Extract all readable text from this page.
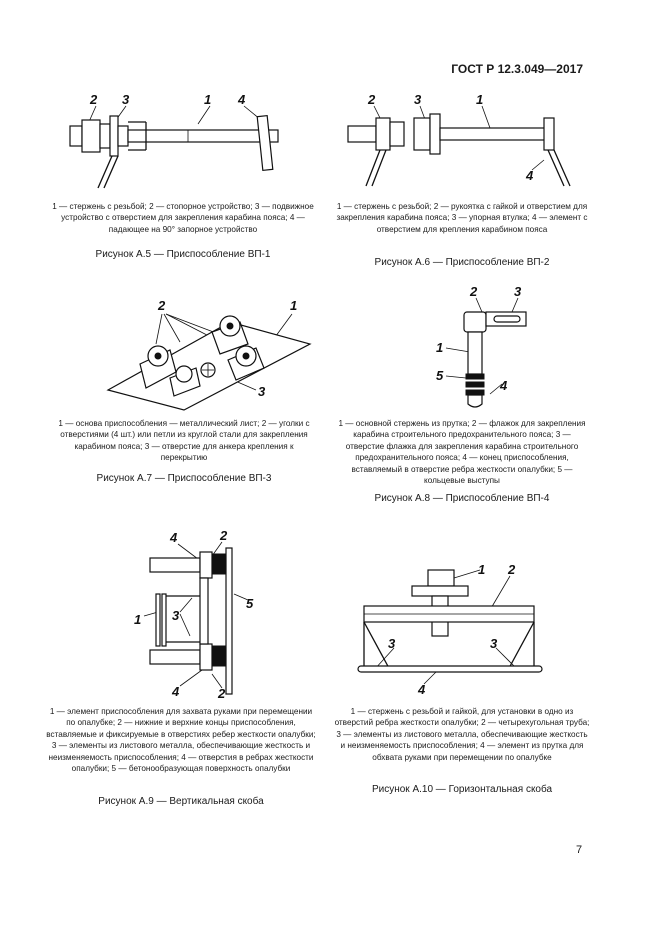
ГОСТ Р 12.3.049—2017
2 3	1 4
1 — стержень с резьбой; 2 — стопорное устройство; 3 — подвижное устройство с отверстием для закрепления карабина пояса; 4 — падающее на 90° запорное устройство
Рисунок А.5 — Приспособление ВП-1
2	3	1
4
1 — стержень с резьбой; 2 — рукоятка с гайкой и отверстием для закрепления карабина пояса; 3 — упорная втулка; 4 — элемент с отверстием для крепления карабином пояса
Рисунок А.6 — Приспособление ВП-2
2	1
3
1 — основа приспособления — металлический лист; 2 — уголки с отверстиями (4 шт.) или петли из круглой стали для закрепления карабином пояса; 3 — отверстие для анкера крепления к перекрытию
Рисунок А.7 — Приспособление ВП-3
2	3
1
5
4
1 — основной стержень из прутка; 2 — флажок для закрепления карабина строительного предохранительного пояса; 3 — отверстие флажка для закрепления карабина строительного предохранительного пояса; 4 — конец приспособления, вставляемый в отверстие ребра жесткости опалубки; 5 — кольцевые выступы
Рисунок А.8 — Приспособление ВП-4
4	2
1 3
5
4	2
1 — элемент приспособления для захвата руками при перемещении по опалубке; 2 — нижние и верхние концы приспособления, вставляемые и фиксируемые в отверстиях ребер жесткости опалубки; 3 — элементы из листового металла, обеспечивающие жесткость и неизменяемость приспособления; 4 — отверстия в ребрах жесткости опалубки; 5 — бетонообразующая поверхность опалубки
Рисунок А.9 — Вертикальная скоба
1 2
3	3
4
1 — стержень с резьбой и гайкой, для установки в одно из отверстий ребра жесткости опалубки; 2 — четырехугольная труба; 3 — элементы из листового металла, обеспечивающие жесткость и неизменяемость приспособления; 4 — элемент из прутка для обхвата руками при перемещении по опалубке
Рисунок А.10 — Горизонтальная скоба
7
